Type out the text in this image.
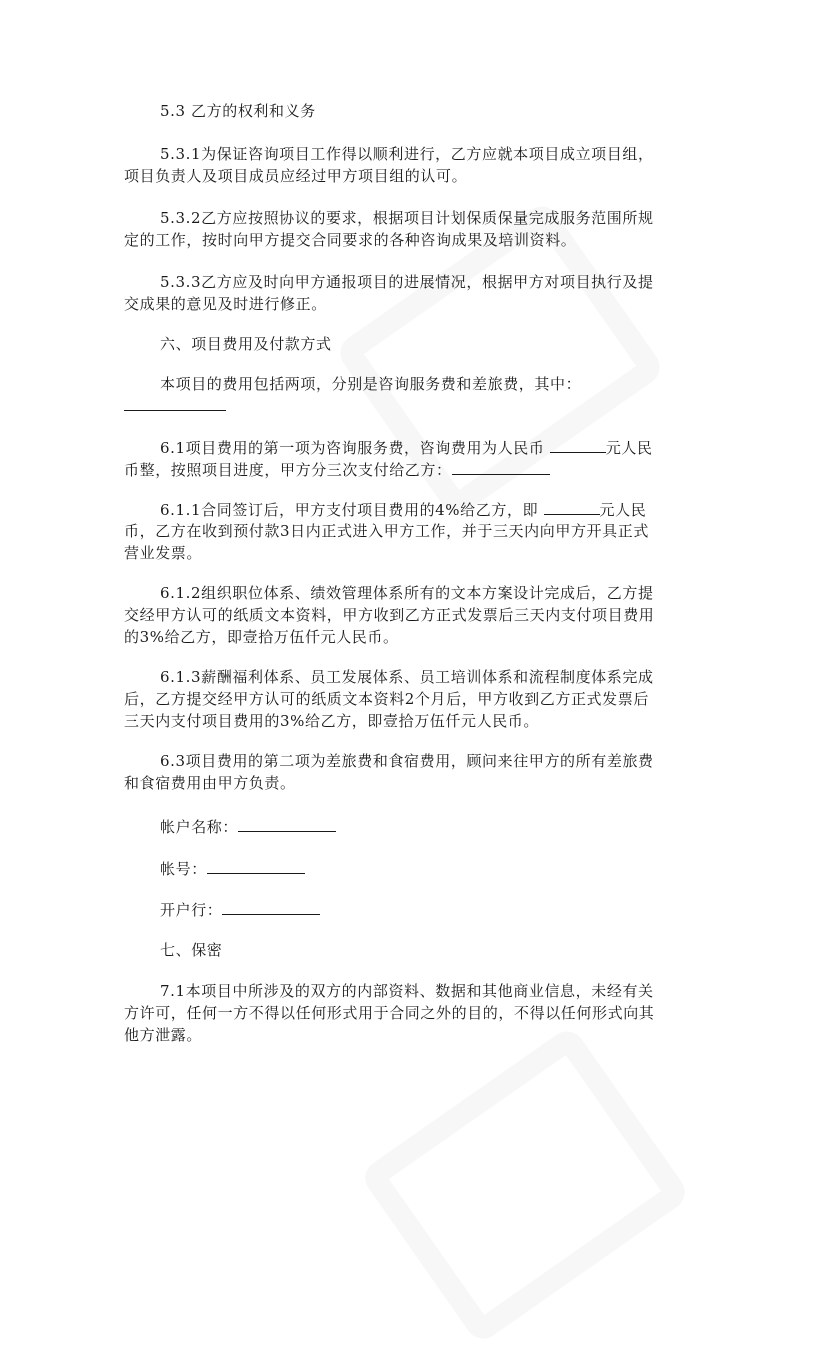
5.3 乙方的权利和义务
5.3.1为保证咨询项目工作得以顺利进行，乙方应就本项目成立项目组，
项目负责人及项目成员应经过甲方项目组的认可。
5.3.2乙方应按照协议的要求，根据项目计划保质保量完成服务范围所规
定的工作，按时向甲方提交合同要求的各种咨询成果及培训资料。
5.3.3乙方应及时向甲方通报项目的进展情况，根据甲方对项目执行及提
交成果的意见及时进行修正。
六、项目费用及付款方式
本项目的费用包括两项，分别是咨询服务费和差旅费，其中：
6.1项目费用的第一项为咨询服务费，咨询费用为人民币	元人民
币整，按照项目进度，甲方分三次支付给乙方：
6.1.1合同签订后，甲方支付项目费用的4%给乙方，即	元人民
币，乙方在收到预付款3日内正式进入甲方工作，并于三天内向甲方开具正式
营业发票。
6.1.2组织职位体系、绩效管理体系所有的文本方案设计完成后，乙方提
交经甲方认可的纸质文本资料，甲方收到乙方正式发票后三天内支付项目费用
的3%给乙方，即壹拾万伍仟元人民币。
6.1.3薪酬福利体系、员工发展体系、员工培训体系和流程制度体系完成
后，乙方提交经甲方认可的纸质文本资料2个月后，甲方收到乙方正式发票后
三天内支付项目费用的3%给乙方，即壹拾万伍仟元人民币。
6.3项目费用的第二项为差旅费和食宿费用，顾问来往甲方的所有差旅费
和食宿费用由甲方负责。
帐户名称：
帐号：
开户行：
七、保密
7.1本项目中所涉及的双方的内部资料、数据和其他商业信息，未经有关
方许可，任何一方不得以任何形式用于合同之外的目的，不得以任何形式向其
他方泄露。
